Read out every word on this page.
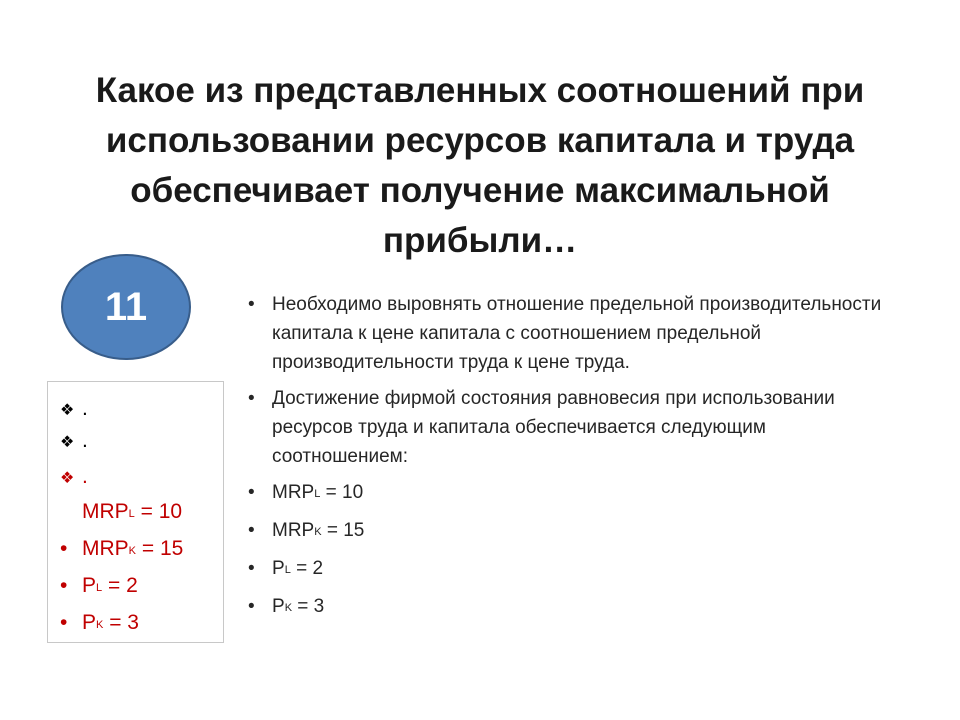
Какое из представленных соотношений при использовании ресурсов капитала и труда обеспечивает получение максимальной прибыли…
11
❖ .
❖ .
❖ .
MRPL = 10
• MRPK = 15
• PL = 2
• PK = 3
• Необходимо выровнять отношение предельной производительности капитала к цене капитала с соотношением предельной производительности труда к цене труда.
• Достижение фирмой состояния равновесия при использовании ресурсов труда и капитала обеспечивается следующим соотношением:
• MRPL = 10
• MRPK = 15
• PL = 2
• PK = 3
